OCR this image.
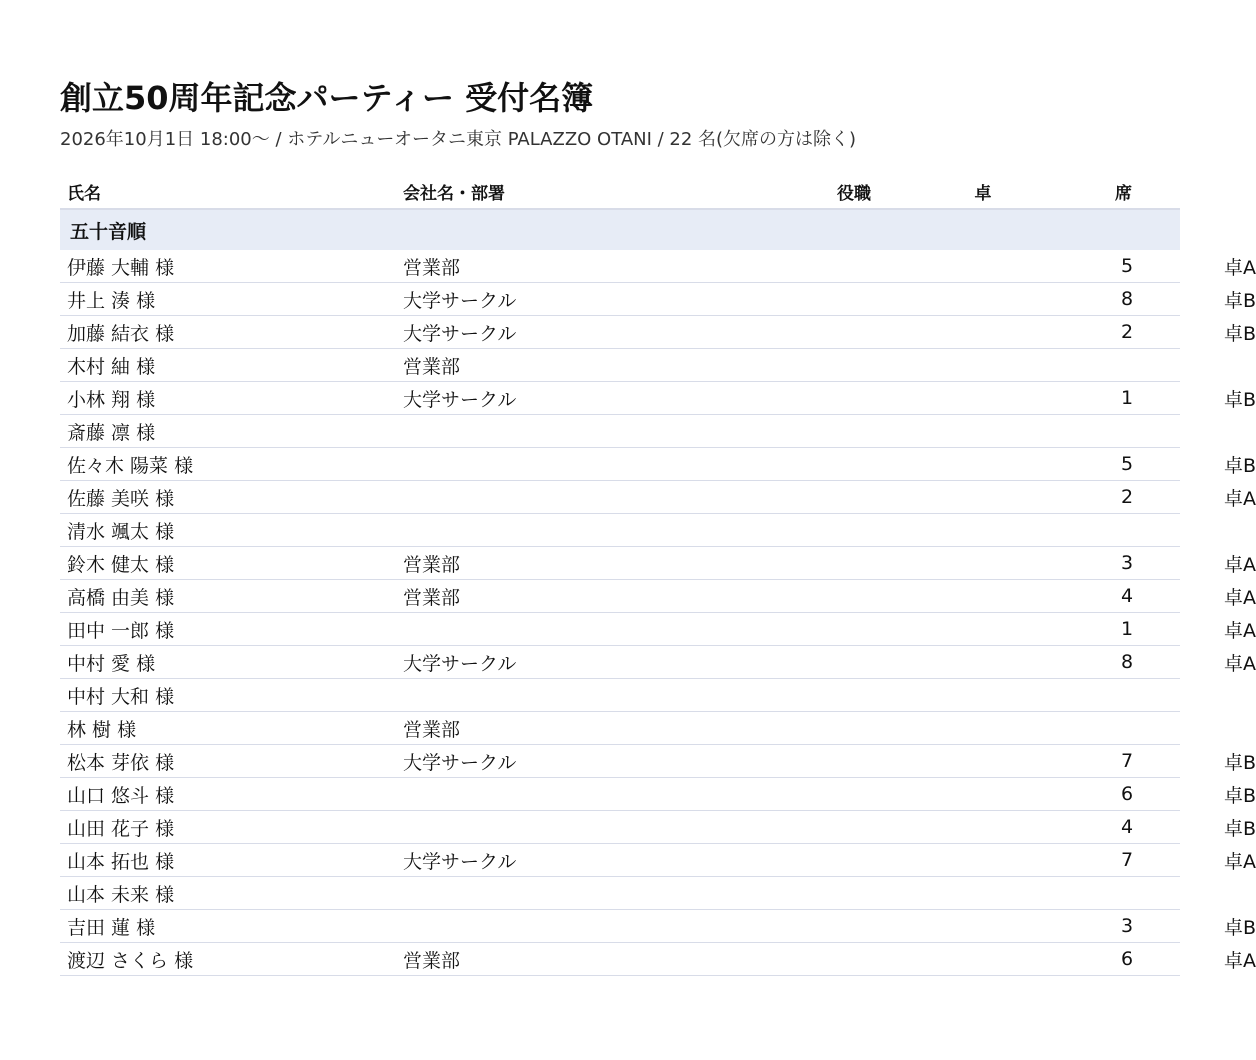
創立50周年記念パーティー 受付名簿

2026年10月1日 18:00〜 / ホテルニューオータニ東京 PALAZZO OTANI / 22 名(欠席の方は除く)

氏名	会社名・部署	役職	卓	席
五十音順				
伊藤 大輔 様	営業部		卓A	5
井上 湊 様	大学サークル		卓B	8
加藤 結衣 様	大学サークル		卓B	2
木村 紬 様	営業部			
小林 翔 様	大学サークル		卓B	1
斎藤 凛 様				
佐々木 陽菜 様			卓B	5
佐藤 美咲 様			卓A	2
清水 颯太 様				
鈴木 健太 様	営業部		卓A	3
高橋 由美 様	営業部		卓A	4
田中 一郎 様			卓A	1
中村 愛 様	大学サークル		卓A	8
中村 大和 様				
林 樹 様	営業部			
松本 芽依 様	大学サークル		卓B	7
山口 悠斗 様			卓B	6
山田 花子 様			卓B	4
山本 拓也 様	大学サークル		卓A	7
山本 未来 様				
吉田 蓮 様			卓B	3
渡辺 さくら 様	営業部		卓A	6
